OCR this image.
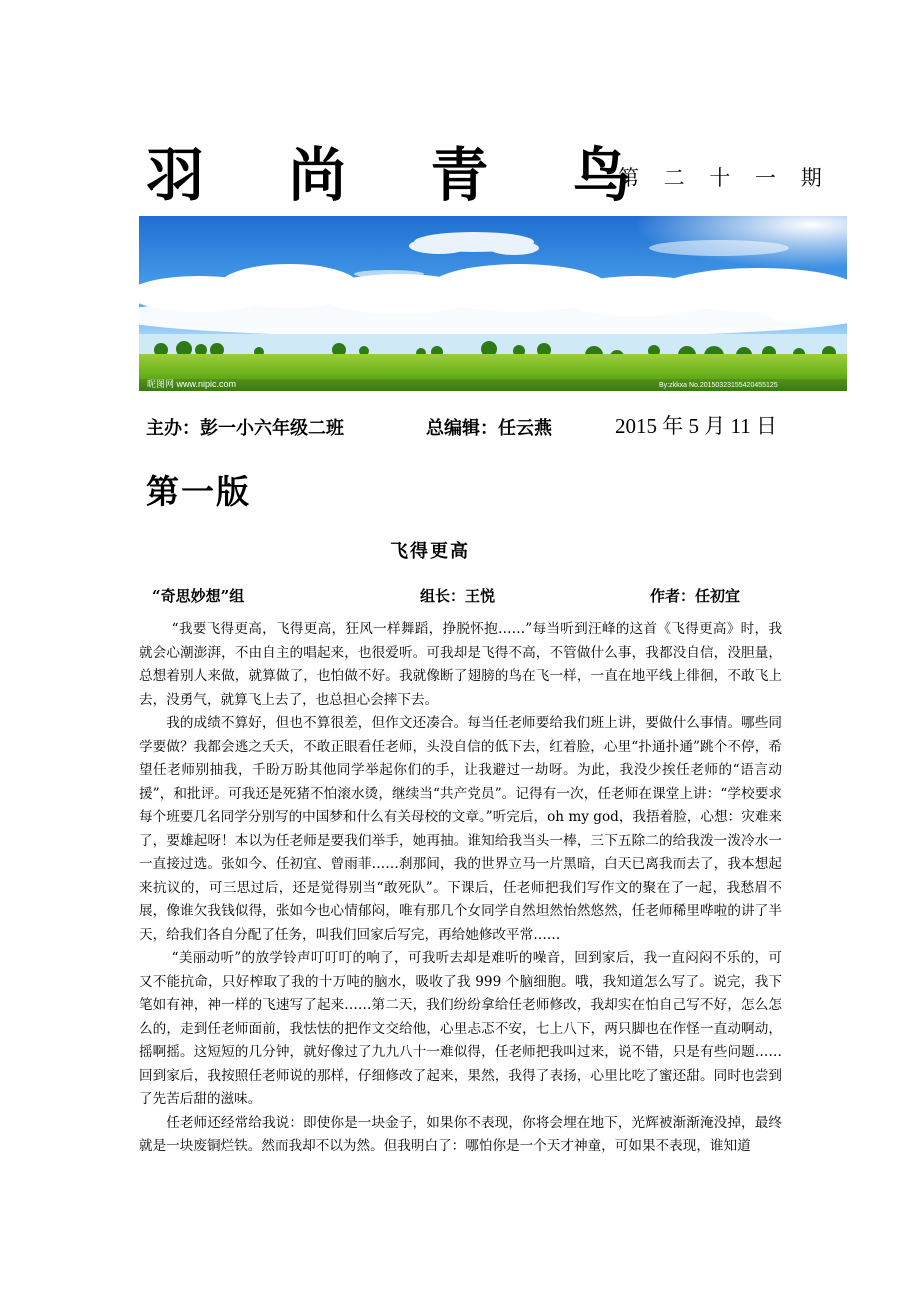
羽 尚 青 鸟
第 二 十 一 期
昵图网 www.nipic.com	By:zkkxa No.20150323155420455125
主办：彭一小六年级二班	总编辑：任云燕	2015 年 5 月 11 日
第一版
飞得更高
“奇思妙想”组	组长：王悦	作者：任初宜

“我要飞得更高，飞得更高，狂风一样舞蹈，挣脱怀抱……”每当听到汪峰的这首《飞得更高》时，我就会心潮澎湃，不由自主的唱起来，也很爱听。可我却是飞得不高，不管做什么事，我都没自信，没胆量，总想着别人来做，就算做了，也怕做不好。我就像断了翅膀的鸟在飞一样，一直在地平线上徘徊，不敢飞上去，没勇气，就算飞上去了，也总担心会摔下去。

我的成绩不算好，但也不算很差，但作文还凑合。每当任老师要给我们班上讲，要做什么事情。哪些同学要做？我都会逃之夭夭，不敢正眼看任老师，头没自信的低下去，红着脸，心里“扑通扑通”跳个不停，希望任老师别抽我，千盼万盼其他同学举起你们的手，让我避过一劫呀。为此，我没少挨任老师的“语言动援”，和批评。可我还是死猪不怕滚水烫，继续当“共产党员”。记得有一次，任老师在课堂上讲：“学校要求每个班要几名同学分别写的中国梦和什么有关母校的文章。”听完后，oh my god，我捂着脸，心想：灾难来了，要雄起呀！本以为任老师是要我们举手，她再抽。谁知给我当头一棒，三下五除二的给我泼一泼冷水一一直接过选。张如今、任初宜、曾雨菲……刹那间，我的世界立马一片黑暗，白天已离我而去了，我本想起来抗议的，可三思过后，还是觉得别当“敢死队”。下课后，任老师把我们写作文的聚在了一起，我愁眉不展，像谁欠我钱似得，张如今也心情郁闷，唯有那几个女同学自然坦然怡然悠然，任老师稀里哗啦的讲了半天，给我们各自分配了任务，叫我们回家后写完，再给她修改平常……

“美丽动听”的放学铃声叮叮叮的响了，可我听去却是难听的噪音，回到家后，我一直闷闷不乐的，可又不能抗命，只好榨取了我的十万吨的脑水，吸收了我 999 个脑细胞。哦，我知道怎么写了。说完，我下笔如有神，神一样的飞速写了起来……第二天，我们纷纷拿给任老师修改，我却实在怕自己写不好，怎么怎么的，走到任老师面前，我怯怯的把作文交给他，心里忐忑不安，七上八下，两只脚也在作怪一直动啊动，摇啊摇。这短短的几分钟，就好像过了九九八十一难似得，任老师把我叫过来，说不错，只是有些问题……回到家后，我按照任老师说的那样，仔细修改了起来，果然，我得了表扬，心里比吃了蜜还甜。同时也尝到了先苦后甜的滋味。

任老师还经常给我说：即使你是一块金子，如果你不表现，你将会埋在地下，光辉被渐渐淹没掉，最终就是一块废铜烂铁。然而我却不以为然。但我明白了：哪怕你是一个天才神童，可如果不表现，谁知道
